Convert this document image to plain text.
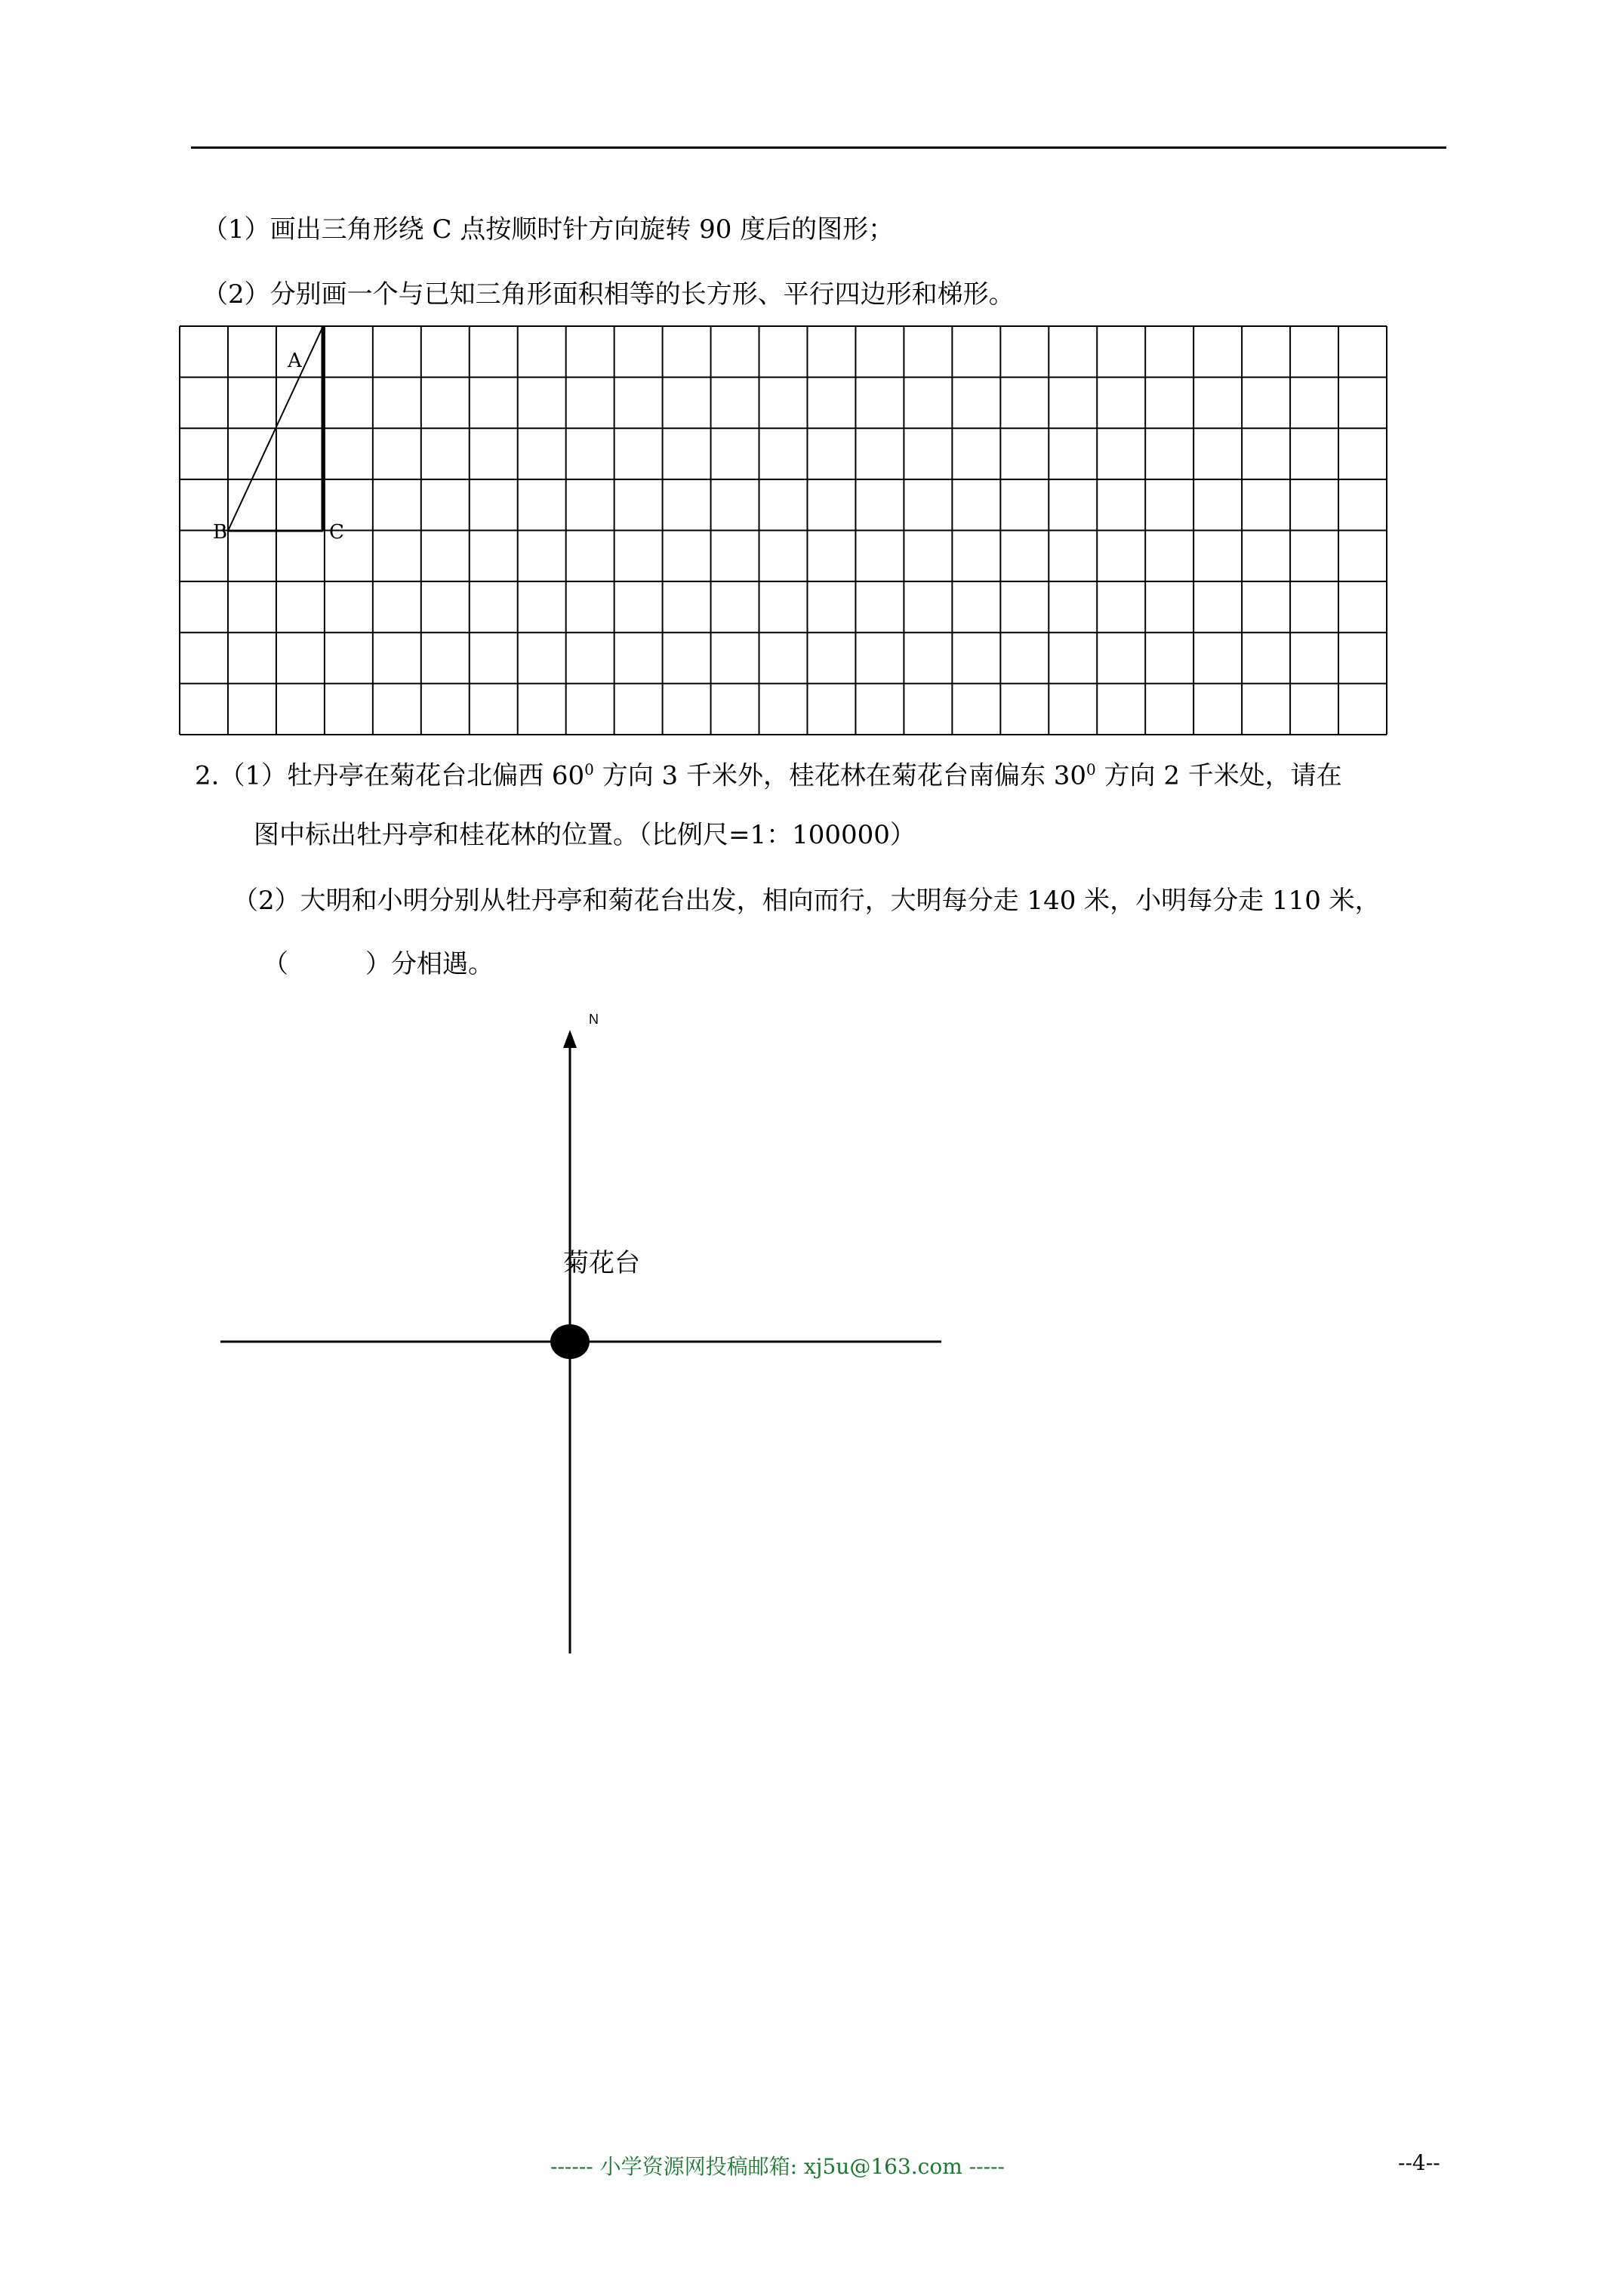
（1）画出三角形绕 C 点按顺时针方向旋转 90 度后的图形；
（2）分别画一个与已知三角形面积相等的长方形、平行四边形和梯形。
A
B	C
N
菊花台
2.（1）牡丹亭在菊花台北偏西 $60^0$ 方向 3 千米外，桂花林在菊花台南偏东 $30^0$ 方向 2 千米处，请在
图中标出牡丹亭和桂花林的位置。（比例尺=1：100000）
（2）大明和小明分别从牡丹亭和菊花台出发，相向而行，大明每分走 140 米，小明每分走 110 米，
（　　　）分相遇。
------ 小学资源网投稿邮箱: xj5u@163.com -----	--4--
